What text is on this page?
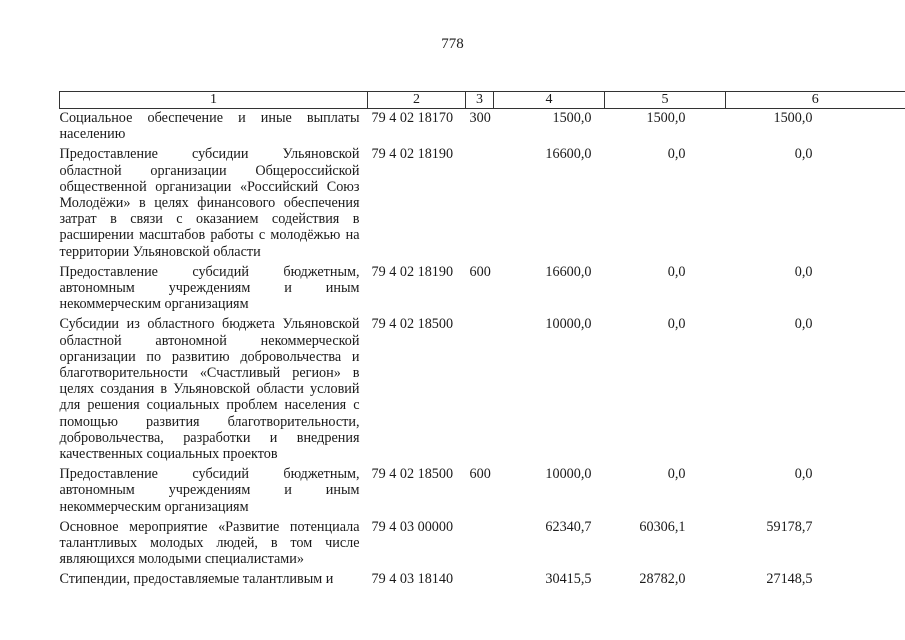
778
1	2	3	4	5	6
Социальное обеспечение и иные выплаты населению	79 4 02 18170	300	1500,0	1500,0	1500,0
Предоставление субсидии Ульяновской областной организации Общероссийской общественной организации «Российский Союз Молодёжи» в целях финансового обеспечения затрат в связи с оказанием содействия в расширении масштабов работы с молодёжью на территории Ульяновской области	79 4 02 18190		16600,0	0,0	0,0
Предоставление субсидий бюджетным, автономным учреждениям и иным некоммерческим организациям	79 4 02 18190	600	16600,0	0,0	0,0
Субсидии из областного бюджета Ульяновской областной автономной некоммерческой организации по развитию добровольчества и благотворительности «Счастливый регион» в целях создания в Ульяновской области условий для решения социальных проблем населения с помощью развития благотворительности, добровольчества, разработки и внедрения качественных социальных проектов	79 4 02 18500		10000,0	0,0	0,0
Предоставление субсидий бюджетным, автономным учреждениям и иным некоммерческим организациям	79 4 02 18500	600	10000,0	0,0	0,0
Основное мероприятие «Развитие потенциала талантливых молодых людей, в том числе являющихся молодыми специалистами»	79 4 03 00000		62340,7	60306,1	59178,7
Стипендии, предоставляемые талантливым и	79 4 03 18140		30415,5	28782,0	27148,5
